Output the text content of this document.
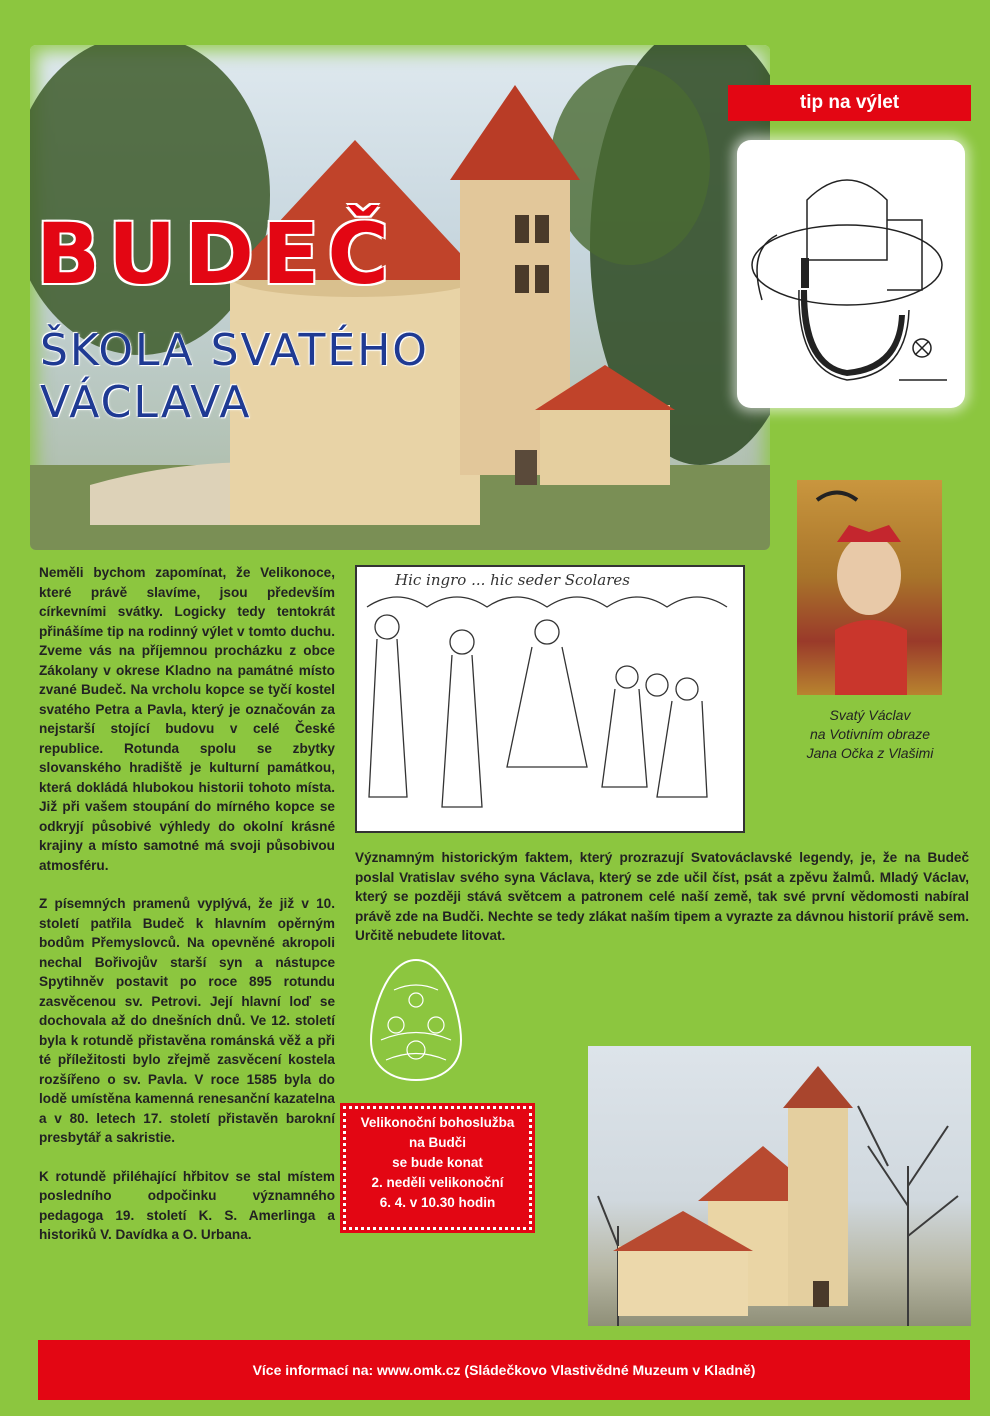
BUDEČ
ŠKOLA SVATÉHO
VÁCLAVA
tip na výlet
Svatý Václav
na Votivním obraze
Jana Očka z Vlašimi

Neměli bychom zapomínat, že Velikonoce, které právě slavíme, jsou především církevními svátky. Logicky tedy tentokrát přinášíme tip na rodinný výlet v tomto duchu. Zveme vás na příjemnou procházku z obce Zákolany v okrese Kladno na památné místo zvané Budeč. Na vrcholu kopce se tyčí kostel svatého Petra a Pavla, který je označován za nejstarší stojící budovu v celé České republice. Rotunda spolu se zbytky slovanského hradiště je kulturní památkou, která dokládá hlubokou historii tohoto místa. Již při vašem stoupání do mírného kopce se odkryjí působivé výhledy do okolní krásné krajiny a místo samotné má svoji působivou atmosféru.

Z písemných pramenů vyplývá, že již v 10. století patřila Budeč k hlavním opěrným bodům Přemyslovců. Na opevněné akropoli nechal Bořivojův starší syn a nástupce Spytihněv postavit po roce 895 rotundu zasvěcenou sv. Petrovi. Její hlavní loď se dochovala až do dnešních dnů. Ve 12. století byla k rotundě přistavěna románská věž a při té příležitosti bylo zřejmě zasvěcení kostela rozšířeno o sv. Pavla. V roce 1585 byla do lodě umístěna kamenná renesanční kazatelna a v 80. letech 17. století přistavěn barokní presbytář a sakristie.

K rotundě přiléhající hřbitov se stal místem posledního odpočinku významného pedagoga 19. století K. S. Amerlinga a historiků V. Davídka a O. Urbana.

Hic ingro ... hic seder Scolares
Významným historickým faktem, který prozrazují Svatováclavské legendy, je, že na Budeč poslal Vratislav svého syna Václava, který se zde učil číst, psát a zpěvu žalmů. Mladý Václav, který se později stává světcem a patronem celé naší země, tak své první vědomosti nabíral právě zde na Budči. Nechte se tedy zlákat naším tipem a vyrazte za dávnou historií právě sem. Určitě nebudete litovat.
Velikonoční bohoslužba
na Budči
se bude konat
2. neděli velikonoční
6. 4. v 10.30 hodin
Více informací na: www.omk.cz (Sládečkovo Vlastivědné Muzeum v Kladně)
